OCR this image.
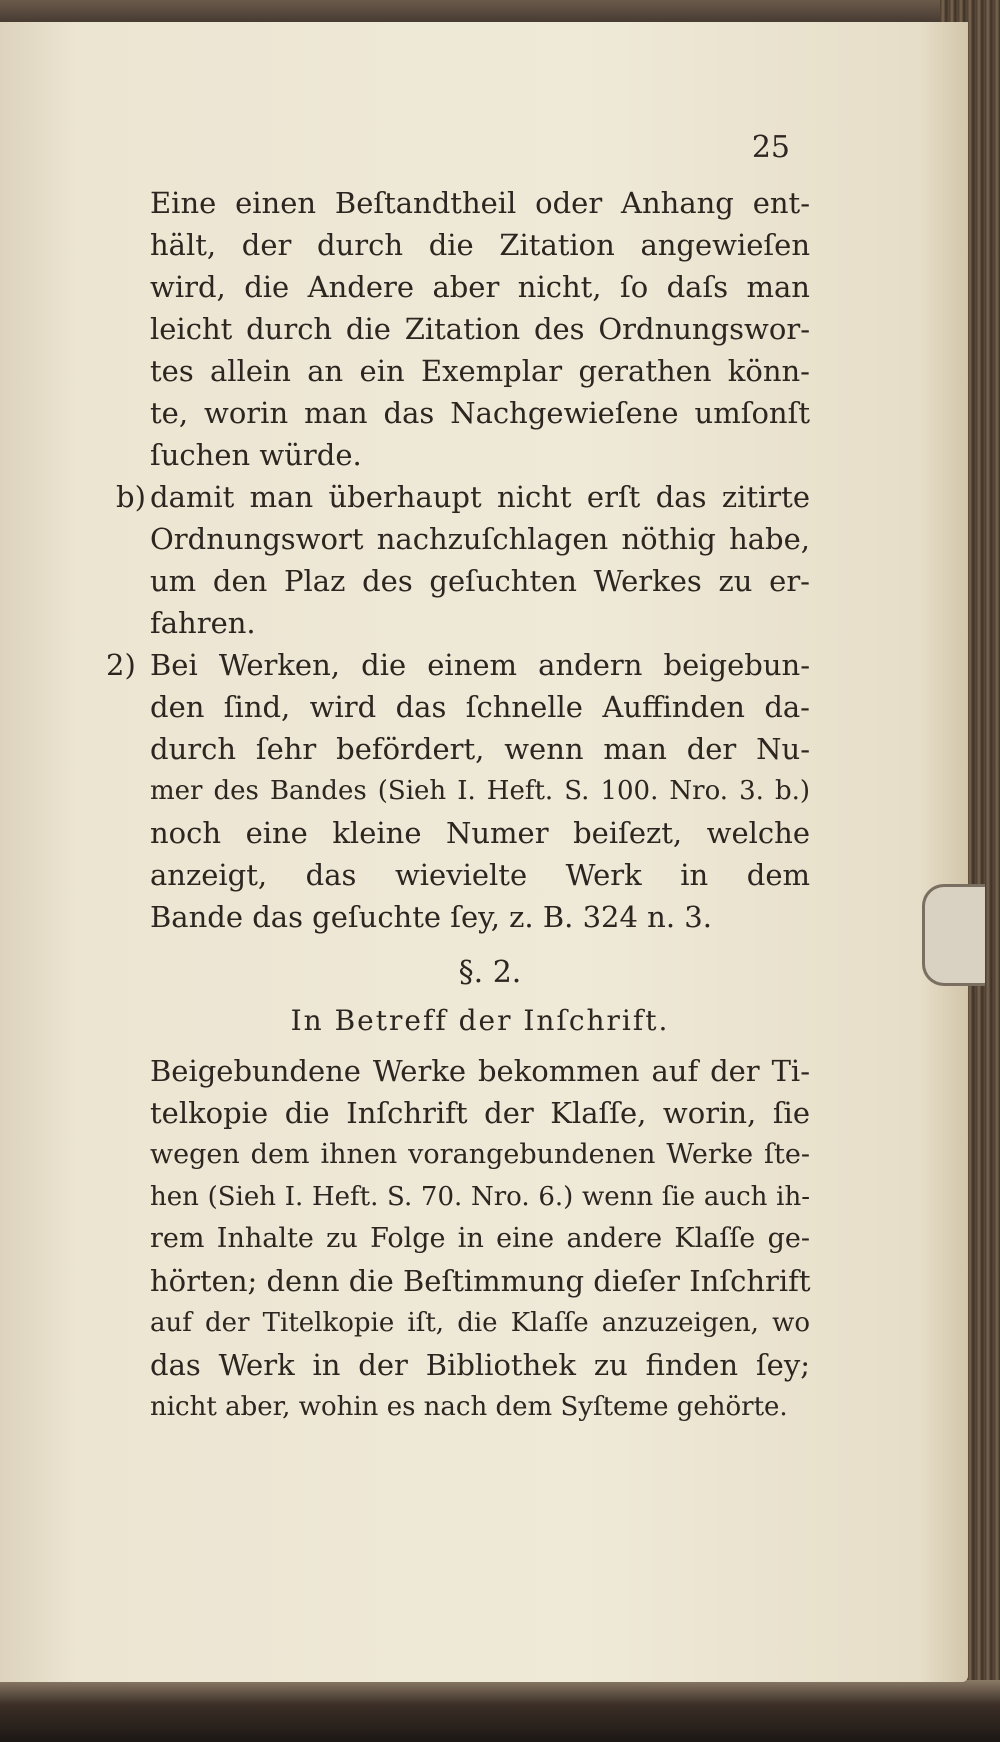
25
Eine einen Beſtandtheil oder Anhang ent-
hält, der durch die Zitation angewieſen
wird, die Andere aber nicht, ſo daſs man
leicht durch die Zitation des Ordnungswor-
tes allein an ein Exemplar gerathen könn-
te, worin man das Nachgewieſene umſonſt
ſuchen würde.
b) damit man überhaupt nicht erſt das zitirte
Ordnungswort nachzuſchlagen nöthig habe,
um den Plaz des geſuchten Werkes zu er-
fahren.
2) Bei Werken, die einem andern beigebun-
den ſind, wird das ſchnelle Auffinden da-
durch ſehr befördert, wenn man der Nu-
mer des Bandes (Sieh I. Heft. S. 100. Nro. 3. b.)
noch eine kleine Numer beiſezt, welche
anzeigt, das wievielte Werk in dem
Bande das geſuchte ſey, z. B. 324 n. 3.
§. 2.
In Betreff der Inſchrift.
Beigebundene Werke bekommen auf der Ti-
telkopie die Inſchrift der Klaſſe, worin, ſie
wegen dem ihnen vorangebundenen Werke ſte-
hen (Sieh I. Heft. S. 70. Nro. 6.) wenn ſie auch ih-
rem Inhalte zu Folge in eine andere Klaſſe ge-
hörten; denn die Beſtimmung dieſer Inſchrift
auf der Titelkopie iſt, die Klaſſe anzuzeigen, wo
das Werk in der Bibliothek zu finden ſey;
nicht aber, wohin es nach dem Syſteme gehörte.
